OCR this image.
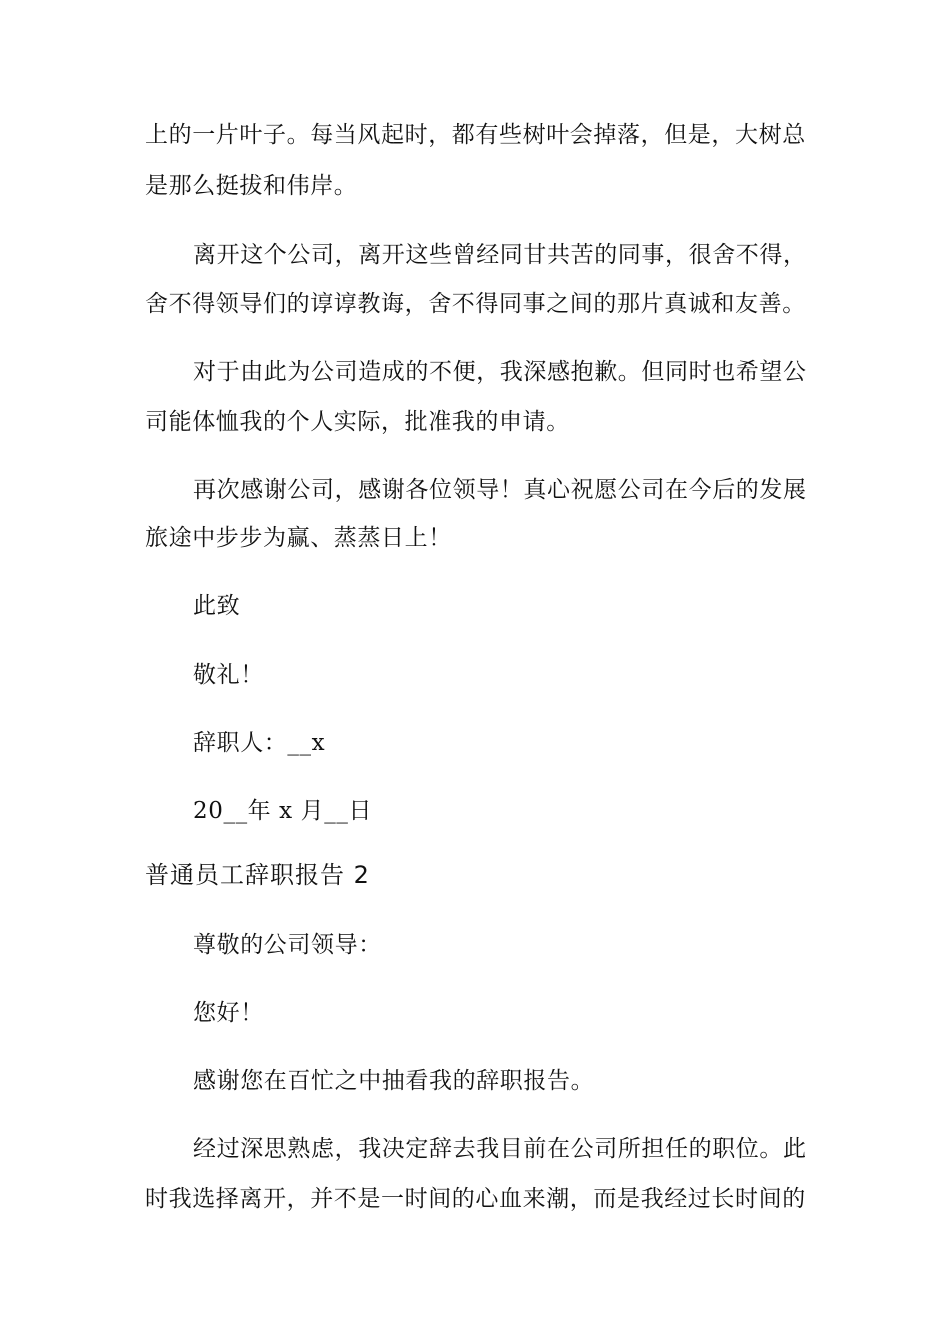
上的一片叶子。每当风起时，都有些树叶会掉落，但是，大树总
是那么挺拔和伟岸。
离开这个公司，离开这些曾经同甘共苦的同事，很舍不得，
舍不得领导们的谆谆教诲，舍不得同事之间的那片真诚和友善。
对于由此为公司造成的不便，我深感抱歉。但同时也希望公
司能体恤我的个人实际，批准我的申请。
再次感谢公司，感谢各位领导！真心祝愿公司在今后的发展
旅途中步步为赢、蒸蒸日上！
此致
敬礼！
辞职人：__x
20__年 x 月__日
普通员工辞职报告 2
尊敬的公司领导：
您好！
感谢您在百忙之中抽看我的辞职报告。
经过深思熟虑，我决定辞去我目前在公司所担任的职位。此
时我选择离开，并不是一时间的心血来潮，而是我经过长时间的
